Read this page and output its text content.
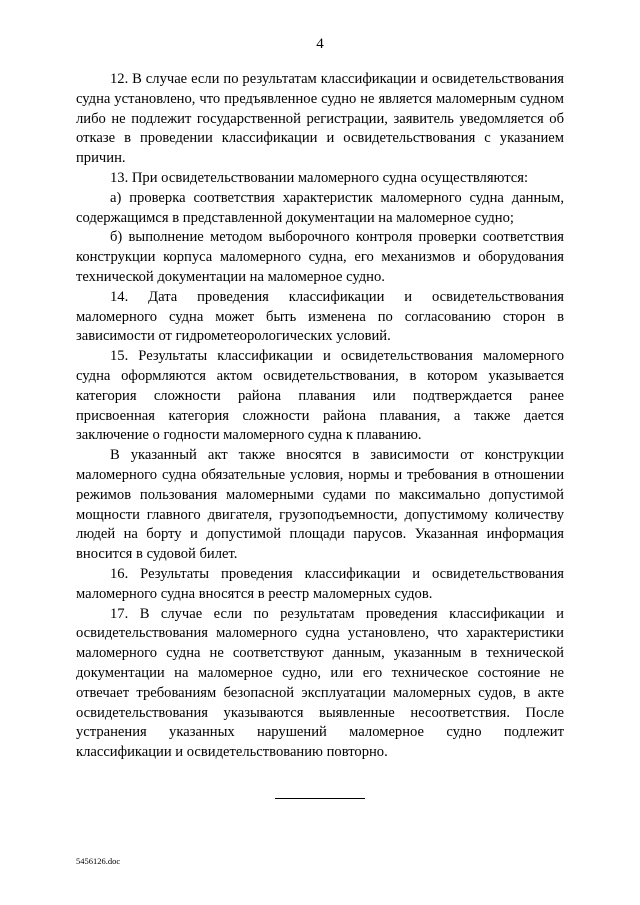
4

12. В случае если по результатам классификации и освидетельствования судна установлено, что предъявленное судно не является маломерным судном либо не подлежит государственной регистрации, заявитель уведомляется об отказе в проведении классификации и освидетельствования с указанием причин.

13. При освидетельствовании маломерного судна осуществляются:

а) проверка соответствия характеристик маломерного судна данным, содержащимся в представленной документации на маломерное судно;

б) выполнение методом выборочного контроля проверки соответствия конструкции корпуса маломерного судна, его механизмов и оборудования технической документации на маломерное судно.

14. Дата проведения классификации и освидетельствования маломерного судна может быть изменена по согласованию сторон в зависимости от гидрометеорологических условий.

15. Результаты классификации и освидетельствования маломерного судна оформляются актом освидетельствования, в котором указывается категория сложности района плавания или подтверждается ранее присвоенная категория сложности района плавания, а также дается заключение о годности маломерного судна к плаванию.

В указанный акт также вносятся в зависимости от конструкции маломерного судна обязательные условия, нормы и требования в отношении режимов пользования маломерными судами по максимально допустимой мощности главного двигателя, грузоподъемности, допустимому количеству людей на борту и допустимой площади парусов. Указанная информация вносится в судовой билет.

16. Результаты проведения классификации и освидетельствования маломерного судна вносятся в реестр маломерных судов.

17. В случае если по результатам проведения классификации и освидетельствования маломерного судна установлено, что характеристики маломерного судна не соответствуют данным, указанным в технической документации на маломерное судно, или его техническое состояние не отвечает требованиям безопасной эксплуатации маломерных судов, в акте освидетельствования указываются выявленные несоответствия. После устранения указанных нарушений маломерное судно подлежит классификации и освидетельствованию повторно.

5456126.doc
